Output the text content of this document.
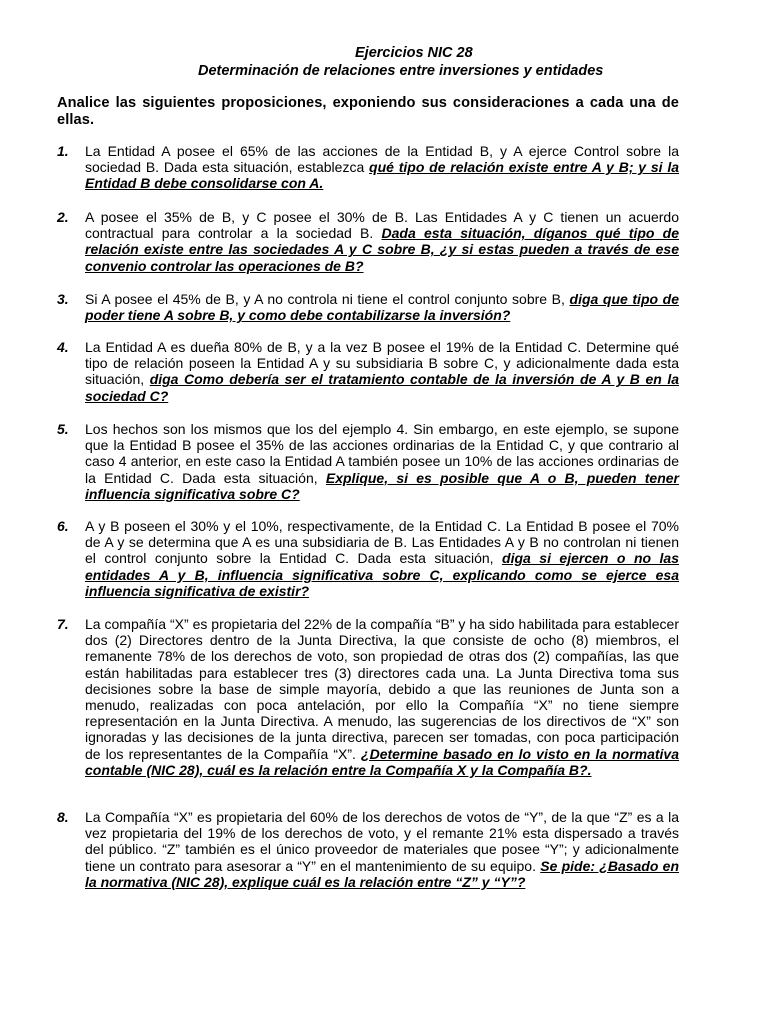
Ejercicios NIC 28
Determinación de relaciones entre inversiones y entidades
Analice las siguientes proposiciones, exponiendo sus consideraciones a cada una de ellas.
1. La Entidad A posee el 65% de las acciones de la Entidad B, y A ejerce Control sobre la sociedad B. Dada esta situación, establezca qué tipo de relación existe entre A y B; y si la Entidad B debe consolidarse con A.
2. A posee el 35% de B, y C posee el 30% de B. Las Entidades A y C tienen un acuerdo contractual para controlar a la sociedad B. Dada esta situación, díganos qué tipo de relación existe entre las sociedades A y C sobre B, ¿y si estas pueden a través de ese convenio controlar las operaciones de B?
3. Si A posee el 45% de B, y A no controla ni tiene el control conjunto sobre B, diga que tipo de poder tiene A sobre B, y como debe contabilizarse la inversión?
4. La Entidad A es dueña 80% de B, y a la vez B posee el 19% de la Entidad C. Determine qué tipo de relación poseen la Entidad A y su subsidiaria B sobre C, y adicionalmente dada esta situación, diga Como debería ser el tratamiento contable de la inversión de A y B en la sociedad C?
5. Los hechos son los mismos que los del ejemplo 4. Sin embargo, en este ejemplo, se supone que la Entidad B posee el 35% de las acciones ordinarias de la Entidad C, y que contrario al caso 4 anterior, en este caso la Entidad A también posee un 10% de las acciones ordinarias de la Entidad C. Dada esta situación, Explique, si es posible que A o B, pueden tener influencia significativa sobre C?
6. A y B poseen el 30% y el 10%, respectivamente, de la Entidad C. La Entidad B posee el 70% de A y se determina que A es una subsidiaria de B. Las Entidades A y B no controlan ni tienen el control conjunto sobre la Entidad C. Dada esta situación, diga si ejercen o no las entidades A y B, influencia significativa sobre C, explicando como se ejerce esa influencia significativa de existir?
7. La compañía “X” es propietaria del 22% de la compañía “B” y ha sido habilitada para establecer dos (2) Directores dentro de la Junta Directiva, la que consiste de ocho (8) miembros, el remanente 78% de los derechos de voto, son propiedad de otras dos (2) compañías, las que están habilitadas para establecer tres (3) directores cada una. La Junta Directiva toma sus decisiones sobre la base de simple mayoría, debido a que las reuniones de Junta son a menudo, realizadas con poca antelación, por ello la Compañía “X” no tiene siempre representación en la Junta Directiva. A menudo, las sugerencias de los directivos de “X” son ignoradas y las decisiones de la junta directiva, parecen ser tomadas, con poca participación de los representantes de la Compañía “X”. ¿Determine basado en lo visto en la normativa contable (NIC 28), cuál es la relación entre la Compañía X y la Compañía B?.
8. La Compañía “X” es propietaria del 60% de los derechos de votos de “Y”, de la que “Z” es a la vez propietaria del 19% de los derechos de voto, y el remante 21% esta dispersado a través del público. “Z” también es el único proveedor de materiales que posee “Y”; y adicionalmente tiene un contrato para asesorar a “Y” en el mantenimiento de su equipo. Se pide: ¿Basado en la normativa (NIC 28), explique cuál es la relación entre “Z” y “Y”?
